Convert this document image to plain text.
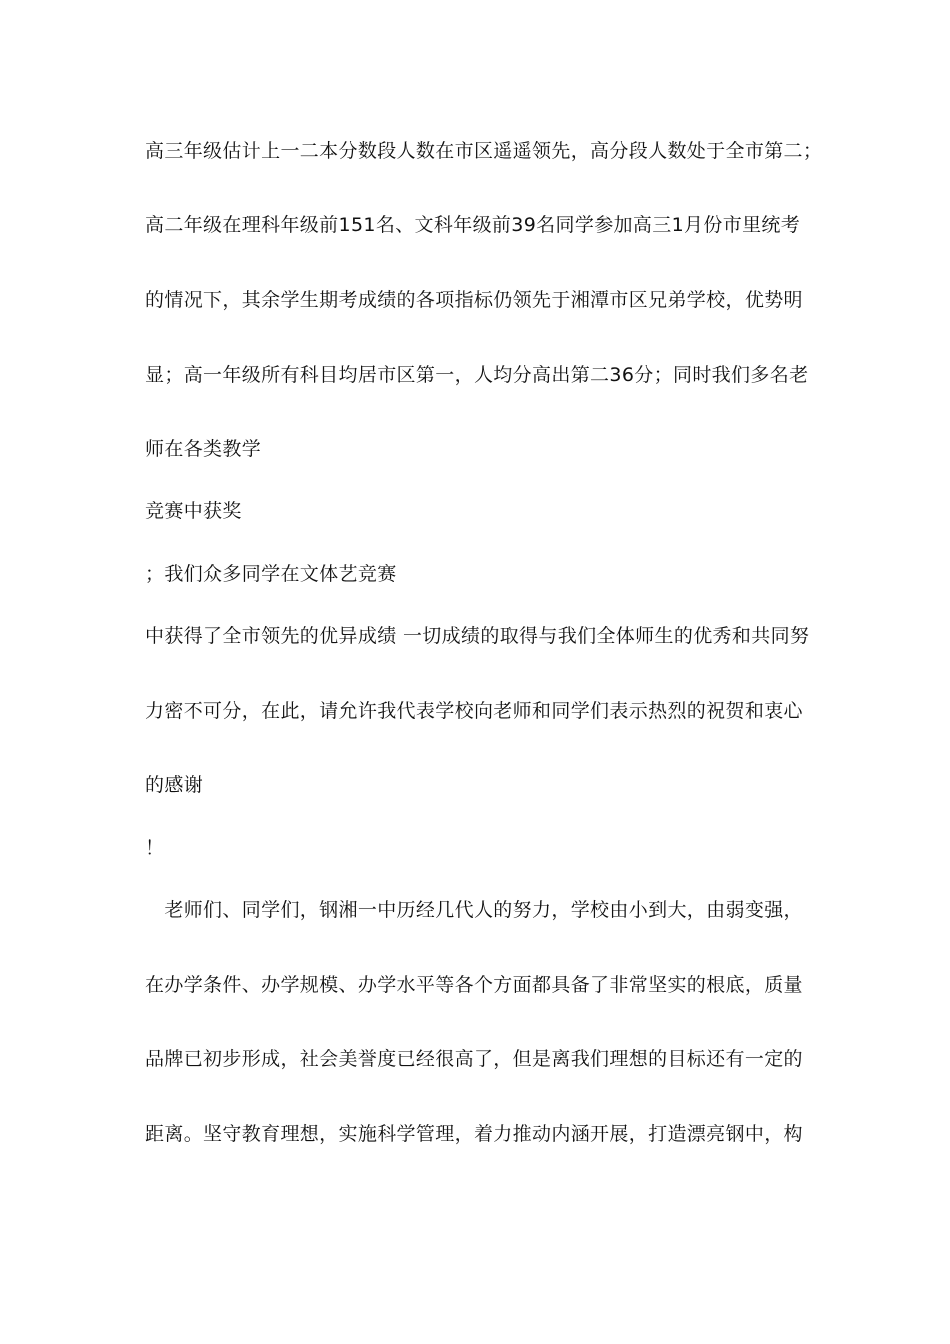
高三年级估计上一二本分数段人数在市区遥遥领先，高分段人数处于全市第二；

高二年级在理科年级前151名、文科年级前39名同学参加高三1月份市里统考

的情况下，其余学生期考成绩的各项指标仍领先于湘潭市区兄弟学校，优势明

显；高一年级所有科目均居市区第一，人均分高出第二36分；同时我们多名老

师在各类教学

竞赛中获奖

；我们众多同学在文体艺竞赛

中获得了全市领先的优异成绩 一切成绩的取得与我们全体师生的优秀和共同努

力密不可分，在此，请允许我代表学校向老师和同学们表示热烈的祝贺和衷心

的感谢

！

　老师们、同学们，钢湘一中历经几代人的努力，学校由小到大，由弱变强，

在办学条件、办学规模、办学水平等各个方面都具备了非常坚实的根底，质量

品牌已初步形成，社会美誉度已经很高了，但是离我们理想的目标还有一定的

距离。坚守教育理想，实施科学管理，着力推动内涵开展，打造漂亮钢中，构
